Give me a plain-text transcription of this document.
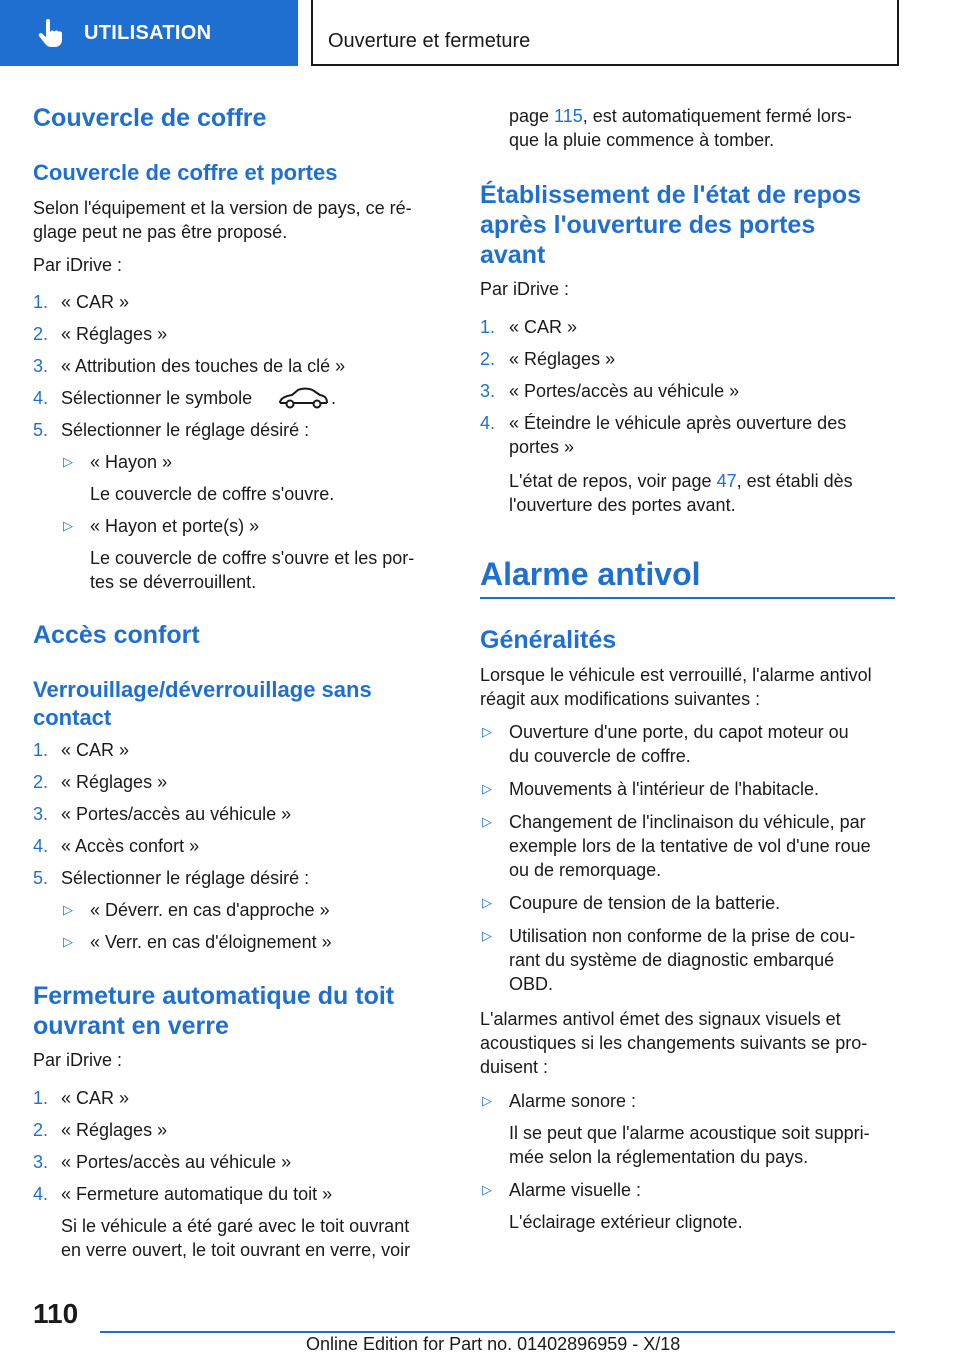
UTILISATION	Ouverture et fermeture
Couvercle de coffre
Couvercle de coffre et portes
Selon l'équipement et la version de pays, ce ré-
glage peut ne pas être proposé.
Par iDrive :
1. « CAR »
2. « Réglages »
3. « Attribution des touches de la clé »
4. Sélectionner le symbole	.
5. Sélectionner le réglage désiré :
▷ « Hayon »
Le couvercle de coffre s'ouvre.
▷ « Hayon et porte(s) »
Le couvercle de coffre s'ouvre et les por-
tes se déverrouillent.
Accès confort
Verrouillage/déverrouillage sans
contact
1. « CAR »
2. « Réglages »
3. « Portes/accès au véhicule »
4. « Accès confort »
5. Sélectionner le réglage désiré :
▷ « Déverr. en cas d'approche »
▷ « Verr. en cas d'éloignement »
Fermeture automatique du toit
ouvrant en verre
Par iDrive :
1. « CAR »
2. « Réglages »
3. « Portes/accès au véhicule »
4. « Fermeture automatique du toit »
Si le véhicule a été garé avec le toit ouvrant
en verre ouvert, le toit ouvrant en verre, voir
page 115, est automatiquement fermé lors-
que la pluie commence à tomber.
Établissement de l'état de repos
après l'ouverture des portes
avant
Par iDrive :
1. « CAR »
2. « Réglages »
3. « Portes/accès au véhicule »
4. « Éteindre le véhicule après ouverture des
portes »
L'état de repos, voir page 47, est établi dès
l'ouverture des portes avant.
Alarme antivol
Généralités
Lorsque le véhicule est verrouillé, l'alarme antivol
réagit aux modifications suivantes :
▷ Ouverture d'une porte, du capot moteur ou
du couvercle de coffre.
▷ Mouvements à l'intérieur de l'habitacle.
▷ Changement de l'inclinaison du véhicule, par
exemple lors de la tentative de vol d'une roue
ou de remorquage.
▷ Coupure de tension de la batterie.
▷ Utilisation non conforme de la prise de cou-
rant du système de diagnostic embarqué
OBD.
L'alarmes antivol émet des signaux visuels et
acoustiques si les changements suivants se pro-
duisent :
▷ Alarme sonore :
Il se peut que l'alarme acoustique soit suppri-
mée selon la réglementation du pays.
▷ Alarme visuelle :
L'éclairage extérieur clignote.
110
Online Edition for Part no. 01402896959 - X/18
